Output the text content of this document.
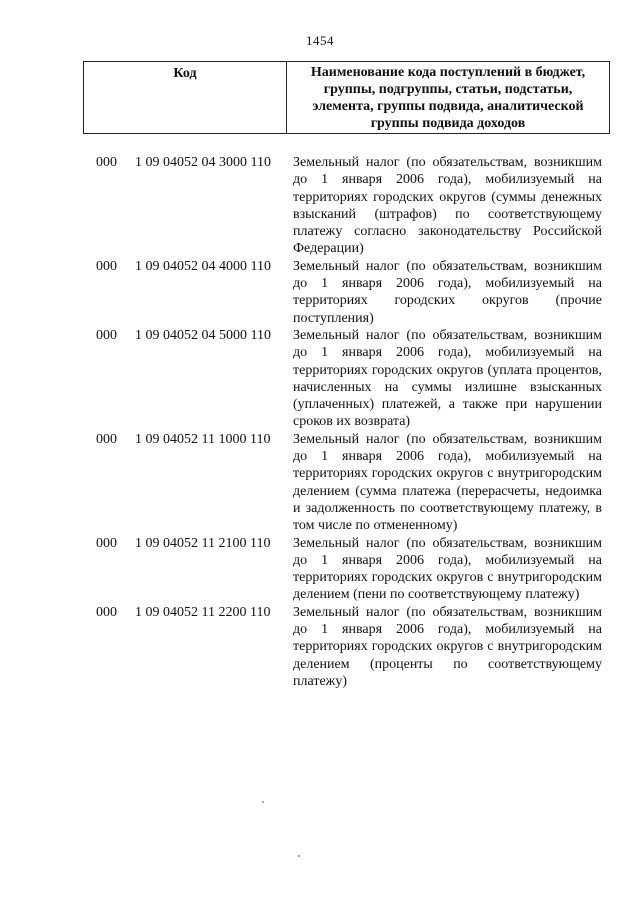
1454
Код	Наименование кода поступлений в бюджет, группы, подгруппы, статьи, подстатьи, элемента, группы подвида, аналитической группы подвида доходов
000 1 09 04052 04 3000 110 Земельный налог (по обязательствам, возникшим до 1 января 2006 года), мобилизуемый на территориях городских округов (суммы денежных взысканий (штрафов) по соответствующему платежу согласно законодательству Российской Федерации)
000 1 09 04052 04 4000 110 Земельный налог (по обязательствам, возникшим до 1 января 2006 года), мобилизуемый на территориях городских округов (прочие поступления)
000 1 09 04052 04 5000 110 Земельный налог (по обязательствам, возникшим до 1 января 2006 года), мобилизуемый на территориях городских округов (уплата процентов, начисленных на суммы излишне взысканных (уплаченных) платежей, а также при нарушении сроков их возврата)
000 1 09 04052 11 1000 110 Земельный налог (по обязательствам, возникшим до 1 января 2006 года), мобилизуемый на территориях городских округов с внутригородским делением (сумма платежа (перерасчеты, недоимка и задолженность по соответствующему платежу, в том числе по отмененному)
000 1 09 04052 11 2100 110 Земельный налог (по обязательствам, возникшим до 1 января 2006 года), мобилизуемый на территориях городских округов с внутригородским делением (пени по соответствующему платежу)
000 1 09 04052 11 2200 110 Земельный налог (по обязательствам, возникшим до 1 января 2006 года), мобилизуемый на территориях городских округов с внутригородским делением (проценты по соответствующему платежу)
